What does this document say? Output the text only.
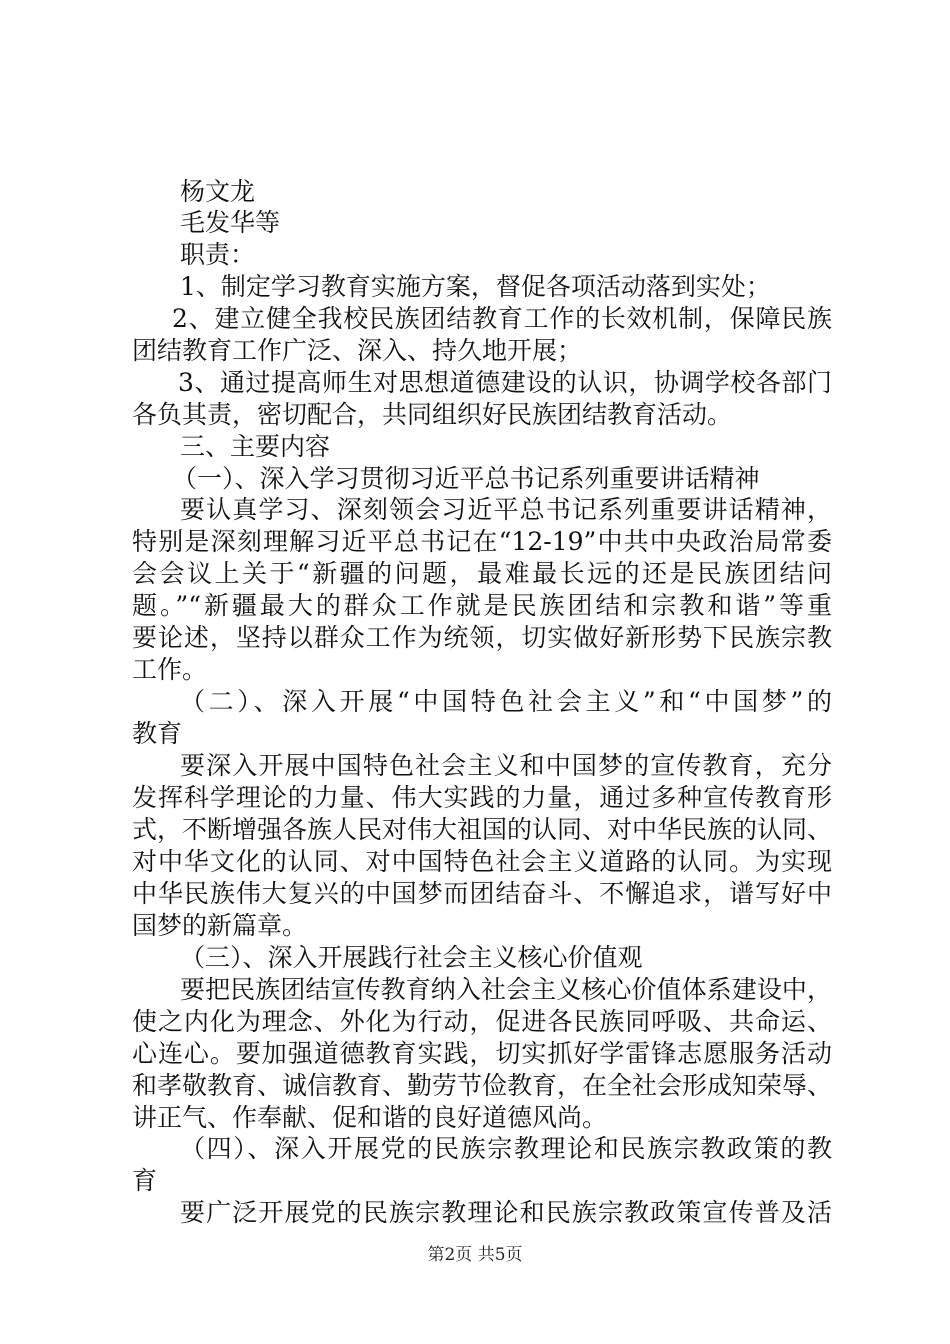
杨文龙
毛发华等
职责：
1、制定学习教育实施方案，督促各项活动落到实处；
2、建立健全我校民族团结教育工作的长效机制，保障民族
团结教育工作广泛、深入、持久地开展；
3、通过提高师生对思想道德建设的认识，协调学校各部门
各负其责，密切配合，共同组织好民族团结教育活动。
三、主要内容
（一）、深入学习贯彻习近平总书记系列重要讲话精神
要认真学习、深刻领会习近平总书记系列重要讲话精神，
特别是深刻理解习近平总书记在“12-19”中共中央政治局常委
会会议上关于“新疆的问题，最难最长远的还是民族团结问
题。”“新疆最大的群众工作就是民族团结和宗教和谐”等重
要论述，坚持以群众工作为统领，切实做好新形势下民族宗教
工作。
（二）、深入开展“中国特色社会主义”和“中国梦”的
教育
要深入开展中国特色社会主义和中国梦的宣传教育，充分
发挥科学理论的力量、伟大实践的力量，通过多种宣传教育形
式，不断增强各族人民对伟大祖国的认同、对中华民族的认同、
对中华文化的认同、对中国特色社会主义道路的认同。为实现
中华民族伟大复兴的中国梦而团结奋斗、不懈追求，谱写好中
国梦的新篇章。
（三）、深入开展践行社会主义核心价值观
要把民族团结宣传教育纳入社会主义核心价值体系建设中，
使之内化为理念、外化为行动，促进各民族同呼吸、共命运、
心连心。要加强道德教育实践，切实抓好学雷锋志愿服务活动
和孝敬教育、诚信教育、勤劳节俭教育，在全社会形成知荣辱、
讲正气、作奉献、促和谐的良好道德风尚。
（四）、深入开展党的民族宗教理论和民族宗教政策的教
育
要广泛开展党的民族宗教理论和民族宗教政策宣传普及活
第2页 共5页
